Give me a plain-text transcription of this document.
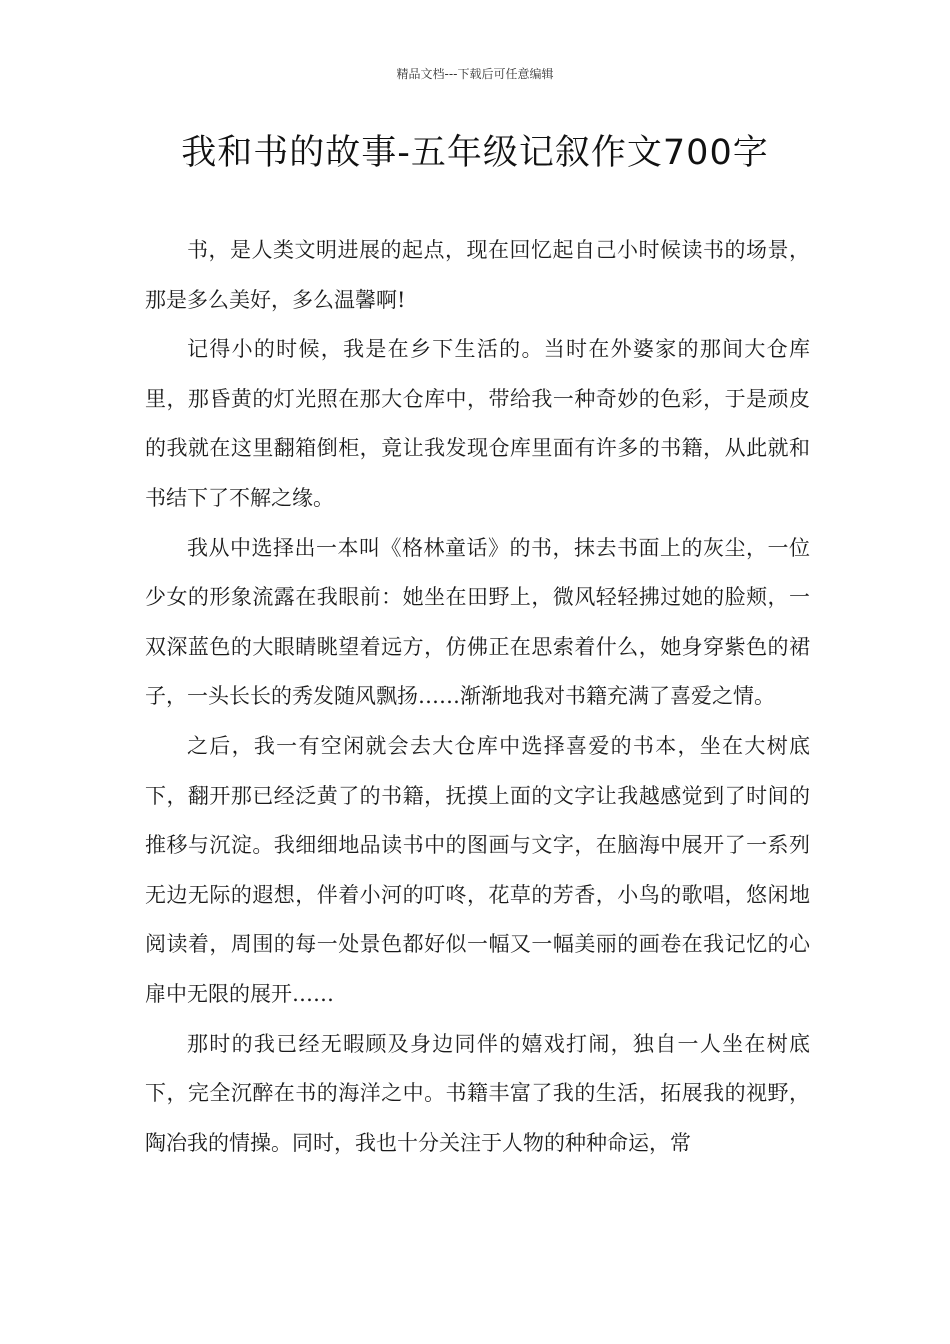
精品文档---下载后可任意编辑
我和书的故事-五年级记叙作文700字

书，是人类文明进展的起点，现在回忆起自己小时候读书的场景，那是多么美好，多么温馨啊!

记得小的时候，我是在乡下生活的。当时在外婆家的那间大仓库里，那昏黄的灯光照在那大仓库中，带给我一种奇妙的色彩，于是顽皮的我就在这里翻箱倒柜，竟让我发现仓库里面有许多的书籍，从此就和书结下了不解之缘。

我从中选择出一本叫《格林童话》的书，抹去书面上的灰尘，一位少女的形象流露在我眼前：她坐在田野上，微风轻轻拂过她的脸颊，一双深蓝色的大眼睛眺望着远方，仿佛正在思索着什么，她身穿紫色的裙子，一头长长的秀发随风飘扬……渐渐地我对书籍充满了喜爱之情。

之后，我一有空闲就会去大仓库中选择喜爱的书本，坐在大树底下，翻开那已经泛黄了的书籍，抚摸上面的文字让我越感觉到了时间的推移与沉淀。我细细地品读书中的图画与文字，在脑海中展开了一系列无边无际的遐想，伴着小河的叮咚，花草的芳香，小鸟的歌唱，悠闲地阅读着，周围的每一处景色都好似一幅又一幅美丽的画卷在我记忆的心扉中无限的展开……

那时的我已经无暇顾及身边同伴的嬉戏打闹，独自一人坐在树底下，完全沉醉在书的海洋之中。书籍丰富了我的生活，拓展我的视野，陶冶我的情操。同时，我也十分关注于人物的种种命运，常
